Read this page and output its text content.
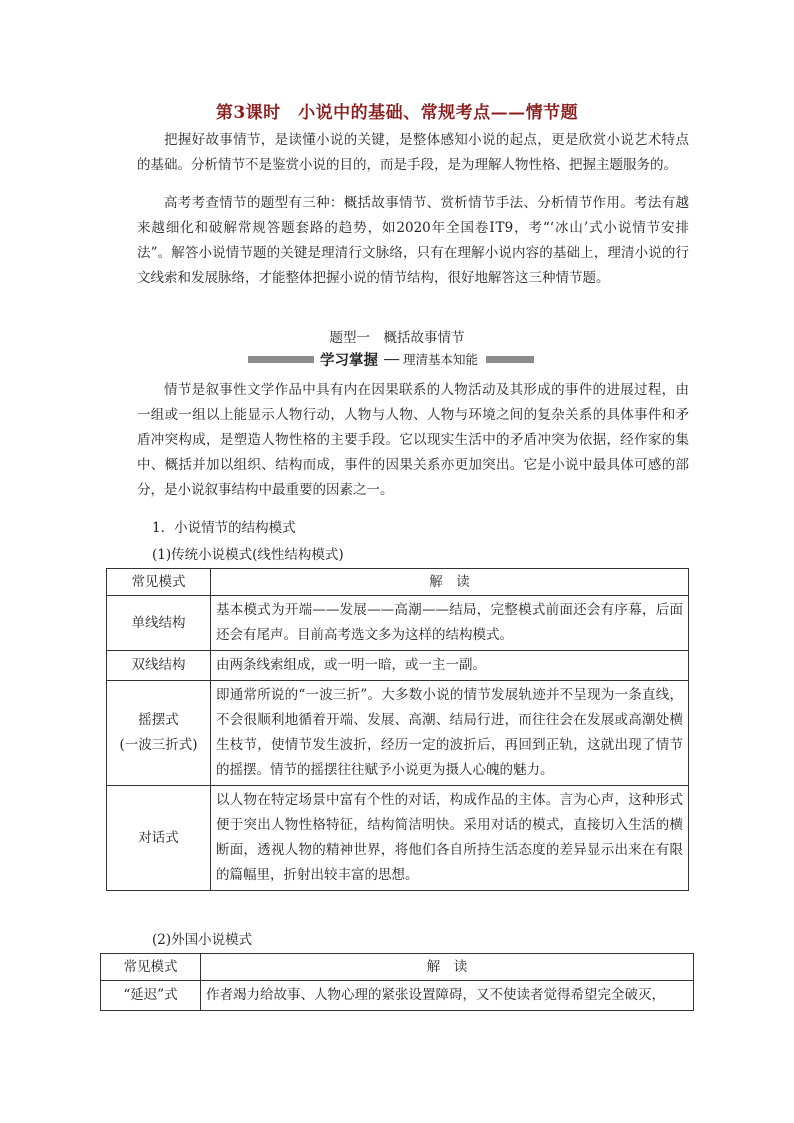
第3课时　小说中的基础、常规考点——情节题

把握好故事情节，是读懂小说的关键，是整体感知小说的起点，更是欣赏小说艺术特点的基础。分析情节不是鉴赏小说的目的，而是手段，是为理解人物性格、把握主题服务的。

高考考查情节的题型有三种：概括故事情节、赏析情节手法、分析情节作用。考法有越来越细化和破解常规答题套路的趋势，如2020年全国卷ⅠT9，考“‘冰山’式小说情节安排法”。解答小说情节题的关键是理清行文脉络，只有在理解小说内容的基础上，理清小说的行文线索和发展脉络，才能整体把握小说的情节结构，很好地解答这三种情节题。

题型一　概括故事情节
学习掌握 ── 理清基本知能

情节是叙事性文学作品中具有内在因果联系的人物活动及其形成的事件的进展过程，由一组或一组以上能显示人物行动，人物与人物、人物与环境之间的复杂关系的具体事件和矛盾冲突构成，是塑造人物性格的主要手段。它以现实生活中的矛盾冲突为依据，经作家的集中、概括并加以组织、结构而成，事件的因果关系亦更加突出。它是小说中最具体可感的部分，是小说叙事结构中最重要的因素之一。

1．小说情节的结构模式
(1)传统小说模式(线性结构模式)
常见模式	解　读
单线结构	基本模式为开端——发展——高潮——结局，完整模式前面还会有序幕，后面还会有尾声。目前高考选文多为这样的结构模式。
双线结构	由两条线索组成，或一明一暗，或一主一副。
摇摆式
(一波三折式)	即通常所说的“一波三折”。大多数小说的情节发展轨迹并不呈现为一条直线，不会很顺利地循着开端、发展、高潮、结局行进，而往往会在发展或高潮处横生枝节，使情节发生波折，经历一定的波折后，再回到正轨，这就出现了情节的摇摆。情节的摇摆往往赋予小说更为摄人心魄的魅力。
对话式	以人物在特定场景中富有个性的对话，构成作品的主体。言为心声，这种形式便于突出人物性格特征，结构简洁明快。采用对话的模式，直接切入生活的横断面，透视人物的精神世界，将他们各自所持生活态度的差异显示出来在有限的篇幅里，折射出较丰富的思想。
(2)外国小说模式
常见模式	解　读
“延迟”式	作者竭力给故事、人物心理的紧张设置障碍，又不使读者觉得希望完全破灭，
